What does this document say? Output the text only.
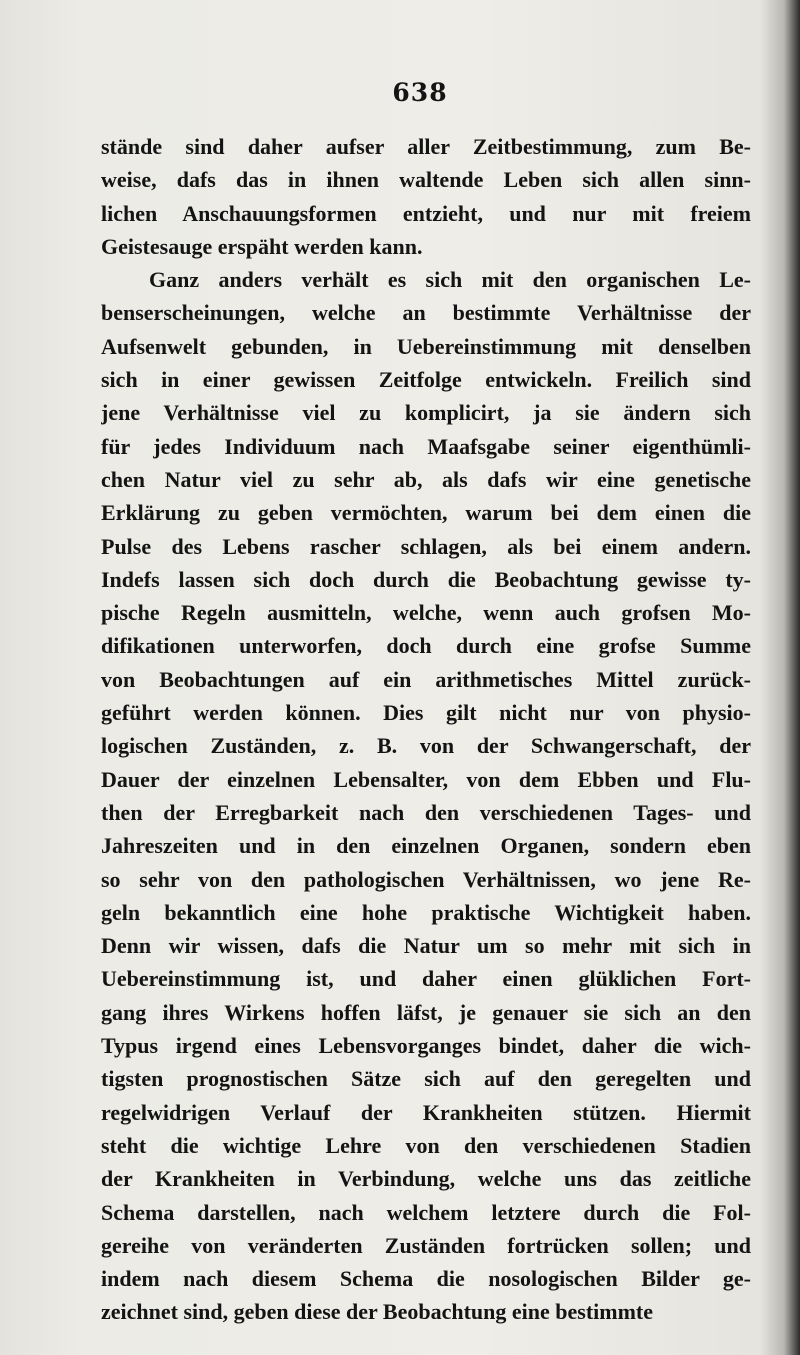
638
stände sind daher aufser aller Zeitbestimmung, zum Be-
weise, dafs das in ihnen waltende Leben sich allen sinn-
lichen Anschauungsformen entzieht, und nur mit freiem
Geistesauge erspäht werden kann.
Ganz anders verhält es sich mit den organischen Le-
benserscheinungen, welche an bestimmte Verhältnisse der
Aufsenwelt gebunden, in Uebereinstimmung mit denselben
sich in einer gewissen Zeitfolge entwickeln. Freilich sind
jene Verhältnisse viel zu komplicirt, ja sie ändern sich
für jedes Individuum nach Maafsgabe seiner eigenthümli-
chen Natur viel zu sehr ab, als dafs wir eine genetische
Erklärung zu geben vermöchten, warum bei dem einen die
Pulse des Lebens rascher schlagen, als bei einem andern.
Indefs lassen sich doch durch die Beobachtung gewisse ty-
pische Regeln ausmitteln, welche, wenn auch grofsen Mo-
difikationen unterworfen, doch durch eine grofse Summe
von Beobachtungen auf ein arithmetisches Mittel zurück-
geführt werden können. Dies gilt nicht nur von physio-
logischen Zuständen, z. B. von der Schwangerschaft, der
Dauer der einzelnen Lebensalter, von dem Ebben und Flu-
then der Erregbarkeit nach den verschiedenen Tages- und
Jahreszeiten und in den einzelnen Organen, sondern eben
so sehr von den pathologischen Verhältnissen, wo jene Re-
geln bekanntlich eine hohe praktische Wichtigkeit haben.
Denn wir wissen, dafs die Natur um so mehr mit sich in
Uebereinstimmung ist, und daher einen glüklichen Fort-
gang ihres Wirkens hoffen läfst, je genauer sie sich an den
Typus irgend eines Lebensvorganges bindet, daher die wich-
tigsten prognostischen Sätze sich auf den geregelten und
regelwidrigen Verlauf der Krankheiten stützen. Hiermit
steht die wichtige Lehre von den verschiedenen Stadien
der Krankheiten in Verbindung, welche uns das zeitliche
Schema darstellen, nach welchem letztere durch die Fol-
gereihe von veränderten Zuständen fortrücken sollen; und
indem nach diesem Schema die nosologischen Bilder ge-
zeichnet sind, geben diese der Beobachtung eine bestimmte
